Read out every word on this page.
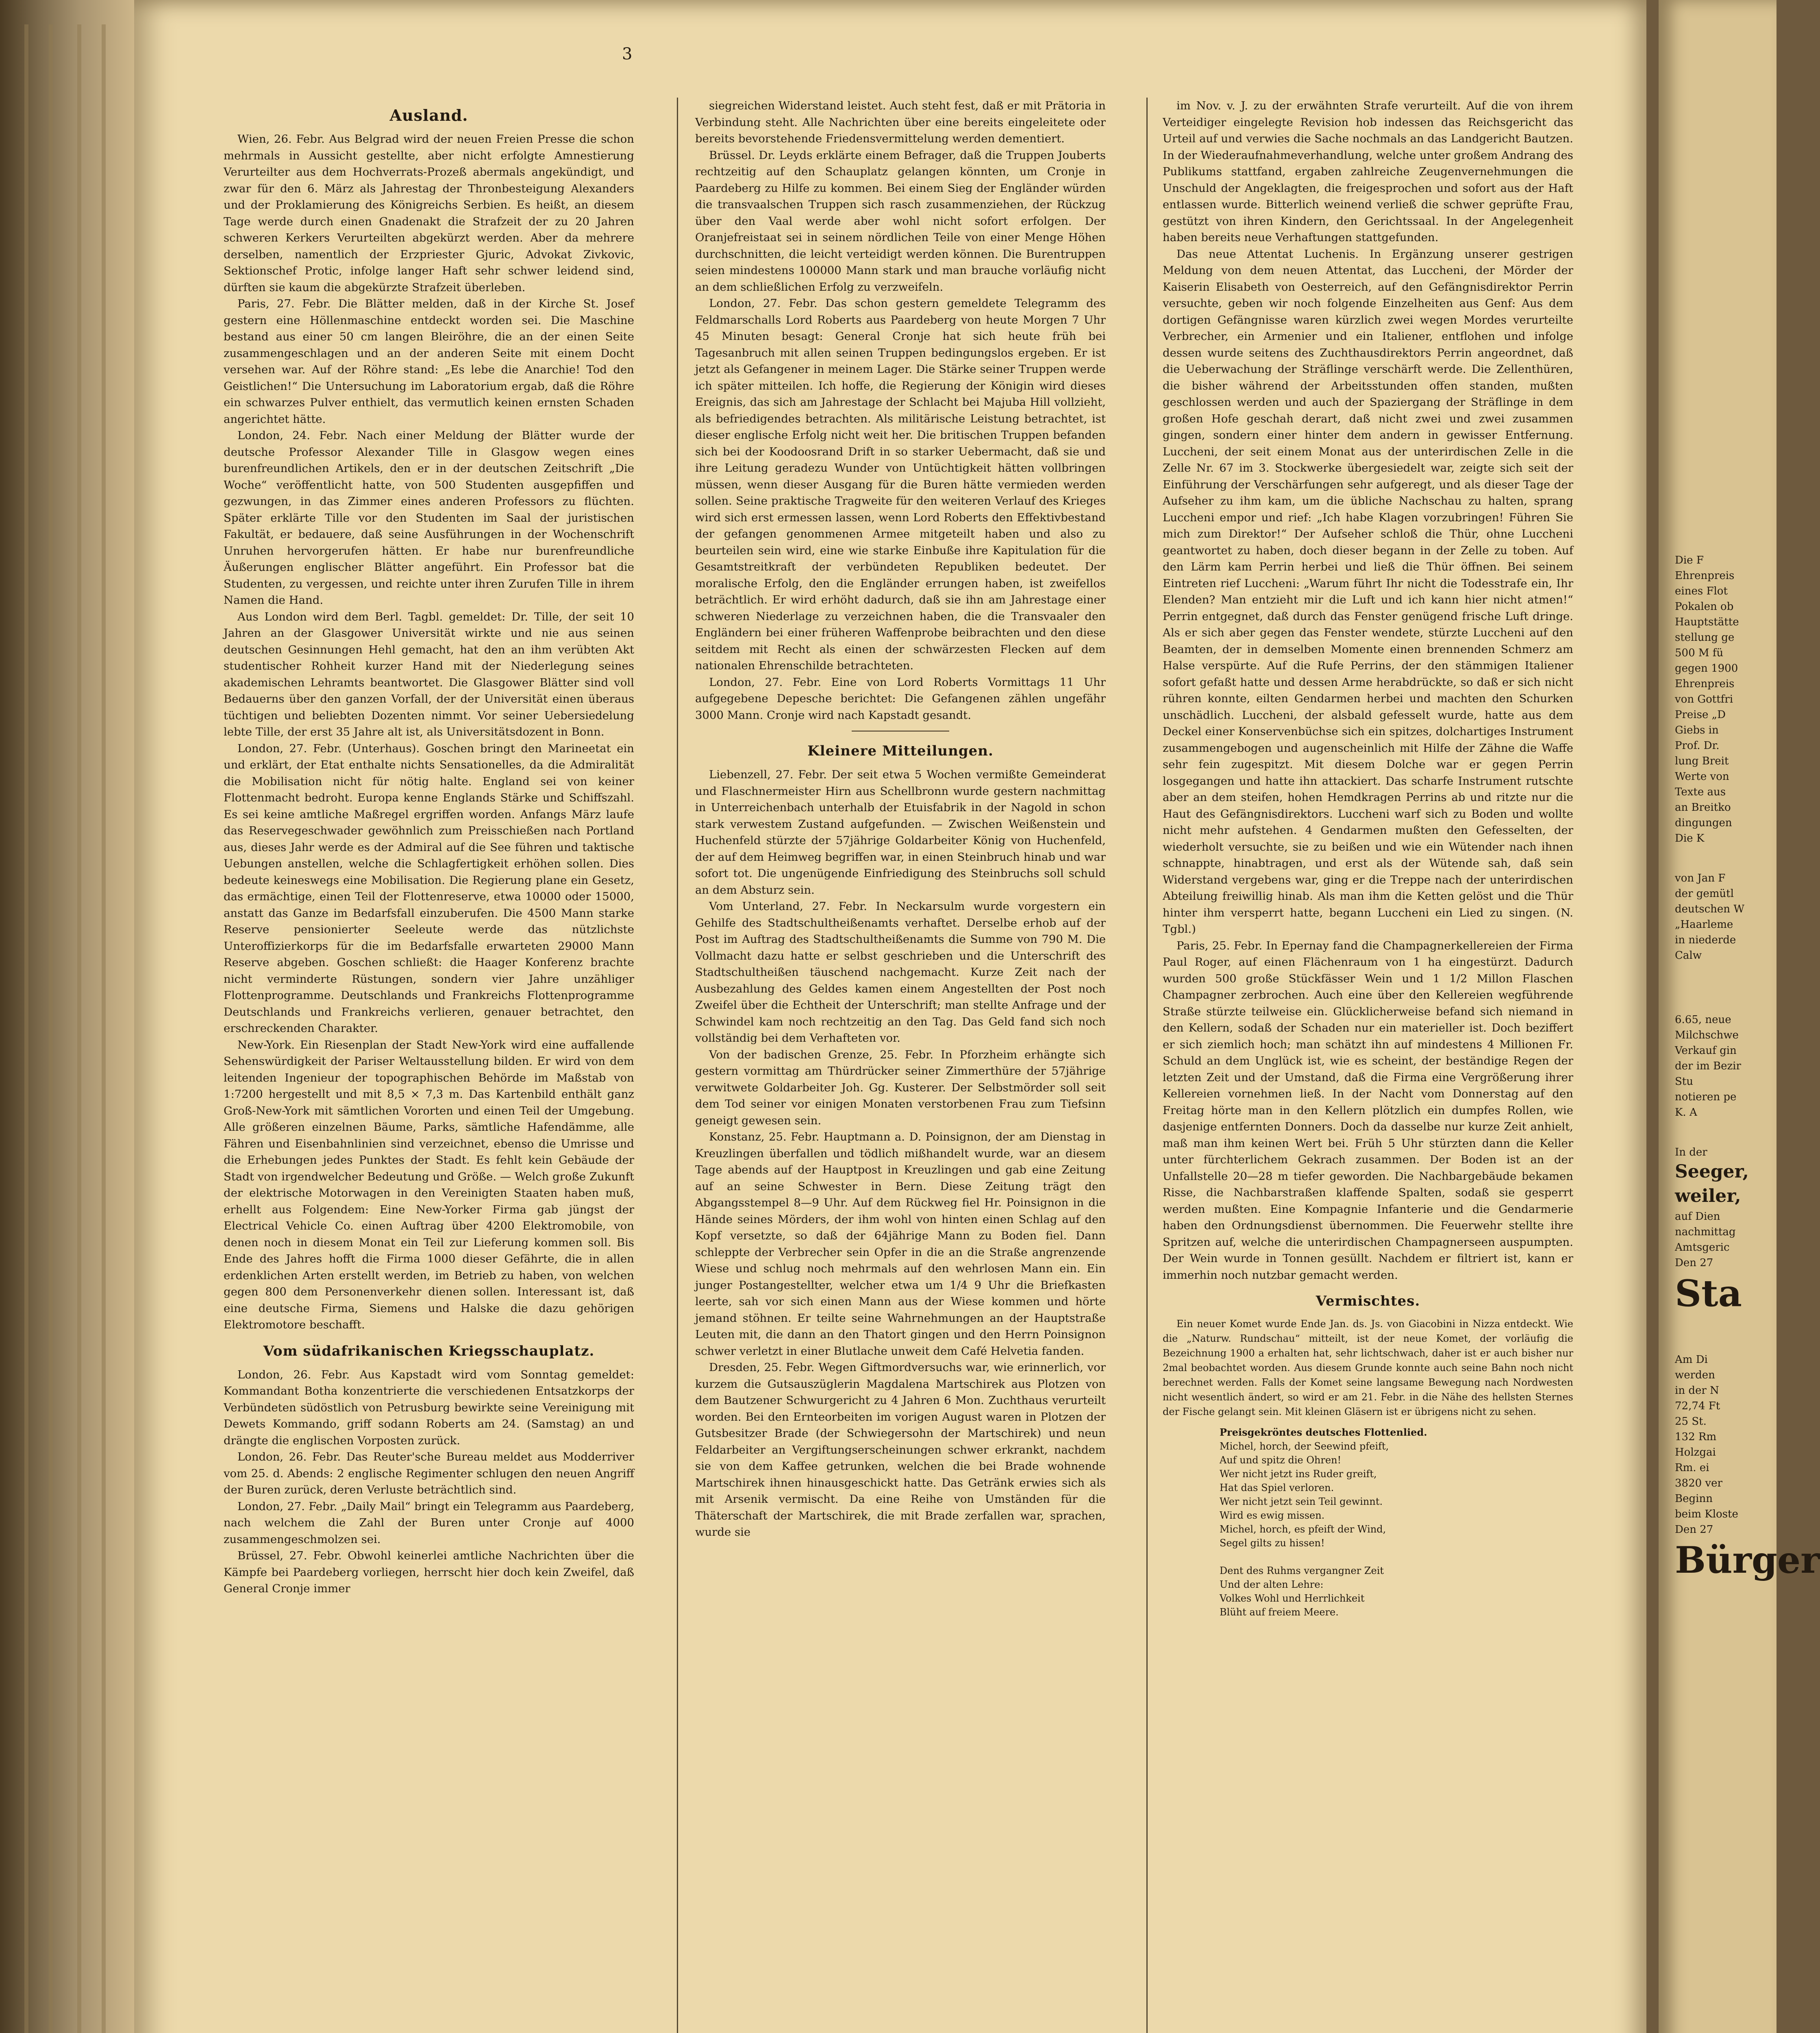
3
Ausland.

Wien, 26. Febr. Aus Belgrad wird der neuen Freien Presse die schon mehrmals in Aussicht gestellte, aber nicht erfolgte Amnestierung Verurteilter aus dem Hochverrats-Prozeß abermals angekündigt, und zwar für den 6. März als Jahrestag der Thronbesteigung Alexanders und der Proklamierung des Königreichs Serbien. Es heißt, an diesem Tage werde durch einen Gnadenakt die Strafzeit der zu 20 Jahren schweren Kerkers Verurteilten abgekürzt werden. Aber da mehrere derselben, namentlich der Erzpriester Gjuric, Advokat Zivkovic, Sektionschef Protic, infolge langer Haft sehr schwer leidend sind, dürften sie kaum die abgekürzte Strafzeit überleben.

Paris, 27. Febr. Die Blätter melden, daß in der Kirche St. Josef gestern eine Höllenmaschine entdeckt worden sei. Die Maschine bestand aus einer 50 cm langen Bleiröhre, die an der einen Seite zusammengeschlagen und an der anderen Seite mit einem Docht versehen war. Auf der Röhre stand: „Es lebe die Anarchie! Tod den Geistlichen!“ Die Untersuchung im Laboratorium ergab, daß die Röhre ein schwarzes Pulver enthielt, das vermutlich keinen ernsten Schaden angerichtet hätte.

London, 24. Febr. Nach einer Meldung der Blätter wurde der deutsche Professor Alexander Tille in Glasgow wegen eines burenfreundlichen Artikels, den er in der deutschen Zeitschrift „Die Woche“ veröffentlicht hatte, von 500 Studenten ausgepfiffen und gezwungen, in das Zimmer eines anderen Professors zu flüchten. Später erklärte Tille vor den Studenten im Saal der juristischen Fakultät, er bedauere, daß seine Ausführungen in der Wochenschrift Unruhen hervorgerufen hätten. Er habe nur burenfreundliche Äußerungen englischer Blätter angeführt. Ein Professor bat die Studenten, zu vergessen, und reichte unter ihren Zurufen Tille in ihrem Namen die Hand.

Aus London wird dem Berl. Tagbl. gemeldet: Dr. Tille, der seit 10 Jahren an der Glasgower Universität wirkte und nie aus seinen deutschen Gesinnungen Hehl gemacht, hat den an ihm verübten Akt studentischer Rohheit kurzer Hand mit der Niederlegung seines akademischen Lehramts beantwortet. Die Glasgower Blätter sind voll Bedauerns über den ganzen Vorfall, der der Universität einen überaus tüchtigen und beliebten Dozenten nimmt. Vor seiner Uebersiedelung lebte Tille, der erst 35 Jahre alt ist, als Universitätsdozent in Bonn.

London, 27. Febr. (Unterhaus). Goschen bringt den Marineetat ein und erklärt, der Etat enthalte nichts Sensationelles, da die Admiralität die Mobilisation nicht für nötig halte. England sei von keiner Flottenmacht bedroht. Europa kenne Englands Stärke und Schiffszahl. Es sei keine amtliche Maßregel ergriffen worden. Anfangs März laufe das Reservegeschwader gewöhnlich zum Preisschießen nach Portland aus, dieses Jahr werde es der Admiral auf die See führen und taktische Uebungen anstellen, welche die Schlagfertigkeit erhöhen sollen. Dies bedeute keineswegs eine Mobilisation. Die Regierung plane ein Gesetz, das ermächtige, einen Teil der Flottenreserve, etwa 10000 oder 15000, anstatt das Ganze im Bedarfsfall einzuberufen. Die 4500 Mann starke Reserve pensionierter Seeleute werde das nützlichste Unteroffizierkorps für die im Bedarfsfalle erwarteten 29000 Mann Reserve abgeben. Goschen schließt: die Haager Konferenz brachte nicht verminderte Rüstungen, sondern vier Jahre unzähliger Flottenprogramme. Deutschlands und Frankreichs Flottenprogramme Deutschlands und Frankreichs verlieren, genauer betrachtet, den erschreckenden Charakter.

New-York. Ein Riesenplan der Stadt New-York wird eine auffallende Sehenswürdigkeit der Pariser Weltausstellung bilden. Er wird von dem leitenden Ingenieur der topographischen Behörde im Maßstab von 1:7200 hergestellt und mit 8,5 × 7,3 m. Das Kartenbild enthält ganz Groß-New-York mit sämtlichen Vororten und einen Teil der Umgebung. Alle größeren einzelnen Bäume, Parks, sämtliche Hafendämme, alle Fähren und Eisenbahnlinien sind verzeichnet, ebenso die Umrisse und die Erhebungen jedes Punktes der Stadt. Es fehlt kein Gebäude der Stadt von irgendwelcher Bedeutung und Größe. — Welch große Zukunft der elektrische Motorwagen in den Vereinigten Staaten haben muß, erhellt aus Folgendem: Eine New-Yorker Firma gab jüngst der Electrical Vehicle Co. einen Auftrag über 4200 Elektromobile, von denen noch in diesem Monat ein Teil zur Lieferung kommen soll. Bis Ende des Jahres hofft die Firma 1000 dieser Gefährte, die in allen erdenklichen Arten erstellt werden, im Betrieb zu haben, von welchen gegen 800 dem Personenverkehr dienen sollen. Interessant ist, daß eine deutsche Firma, Siemens und Halske die dazu gehörigen Elektromotore beschafft.

Vom südafrikanischen Kriegsschauplatz.

London, 26. Febr. Aus Kapstadt wird vom Sonntag gemeldet: Kommandant Botha konzentrierte die verschiedenen Entsatzkorps der Verbündeten südöstlich von Petrusburg bewirkte seine Vereinigung mit Dewets Kommando, griff sodann Roberts am 24. (Samstag) an und drängte die englischen Vorposten zurück.

London, 26. Febr. Das Reuter'sche Bureau meldet aus Modderriver vom 25. d. Abends: 2 englische Regimenter schlugen den neuen Angriff der Buren zurück, deren Verluste beträchtlich sind.

London, 27. Febr. „Daily Mail“ bringt ein Telegramm aus Paardeberg, nach welchem die Zahl der Buren unter Cronje auf 4000 zusammengeschmolzen sei.

Brüssel, 27. Febr. Obwohl keinerlei amtliche Nachrichten über die Kämpfe bei Paardeberg vorliegen, herrscht hier doch kein Zweifel, daß General Cronje immer

siegreichen Widerstand leistet. Auch steht fest, daß er mit Prätoria in Verbindung steht. Alle Nachrichten über eine bereits eingeleitete oder bereits bevorstehende Friedensvermittelung werden dementiert.

Brüssel. Dr. Leyds erklärte einem Befrager, daß die Truppen Jouberts rechtzeitig auf den Schauplatz gelangen könnten, um Cronje in Paardeberg zu Hilfe zu kommen. Bei einem Sieg der Engländer würden die transvaalschen Truppen sich rasch zusammenziehen, der Rückzug über den Vaal werde aber wohl nicht sofort erfolgen. Der Oranjefreistaat sei in seinem nördlichen Teile von einer Menge Höhen durchschnitten, die leicht verteidigt werden können. Die Burentruppen seien mindestens 100000 Mann stark und man brauche vorläufig nicht an dem schließlichen Erfolg zu verzweifeln.

London, 27. Febr. Das schon gestern gemeldete Telegramm des Feldmarschalls Lord Roberts aus Paardeberg von heute Morgen 7 Uhr 45 Minuten besagt: General Cronje hat sich heute früh bei Tagesanbruch mit allen seinen Truppen bedingungslos ergeben. Er ist jetzt als Gefangener in meinem Lager. Die Stärke seiner Truppen werde ich später mitteilen. Ich hoffe, die Regierung der Königin wird dieses Ereignis, das sich am Jahrestage der Schlacht bei Majuba Hill vollzieht, als befriedigendes betrachten. Als militärische Leistung betrachtet, ist dieser englische Erfolg nicht weit her. Die britischen Truppen befanden sich bei der Koodoosrand Drift in so starker Uebermacht, daß sie und ihre Leitung geradezu Wunder von Untüchtigkeit hätten vollbringen müssen, wenn dieser Ausgang für die Buren hätte vermieden werden sollen. Seine praktische Tragweite für den weiteren Verlauf des Krieges wird sich erst ermessen lassen, wenn Lord Roberts den Effektivbestand der gefangen genommenen Armee mitgeteilt haben und also zu beurteilen sein wird, eine wie starke Einbuße ihre Kapitulation für die Gesamtstreitkraft der verbündeten Republiken bedeutet. Der moralische Erfolg, den die Engländer errungen haben, ist zweifellos beträchtlich. Er wird erhöht dadurch, daß sie ihn am Jahrestage einer schweren Niederlage zu verzeichnen haben, die die Transvaaler den Engländern bei einer früheren Waffenprobe beibrachten und den diese seitdem mit Recht als einen der schwärzesten Flecken auf dem nationalen Ehrenschilde betrachteten.

London, 27. Febr. Eine von Lord Roberts Vormittags 11 Uhr aufgegebene Depesche berichtet: Die Gefangenen zählen ungefähr 3000 Mann. Cronje wird nach Kapstadt gesandt.

Kleinere Mitteilungen.

Liebenzell, 27. Febr. Der seit etwa 5 Wochen vermißte Gemeinderat und Flaschnermeister Hirn aus Schellbronn wurde gestern nachmittag in Unterreichenbach unterhalb der Etuisfabrik in der Nagold in schon stark verwestem Zustand aufgefunden. — Zwischen Weißenstein und Huchenfeld stürzte der 57jährige Goldarbeiter König von Huchenfeld, der auf dem Heimweg begriffen war, in einen Steinbruch hinab und war sofort tot. Die ungenügende Einfriedigung des Steinbruchs soll schuld an dem Absturz sein.

Vom Unterland, 27. Febr. In Neckarsulm wurde vorgestern ein Gehilfe des Stadtschultheißenamts verhaftet. Derselbe erhob auf der Post im Auftrag des Stadtschultheißenamts die Summe von 790 M. Die Vollmacht dazu hatte er selbst geschrieben und die Unterschrift des Stadtschultheißen täuschend nachgemacht. Kurze Zeit nach der Ausbezahlung des Geldes kamen einem Angestellten der Post noch Zweifel über die Echtheit der Unterschrift; man stellte Anfrage und der Schwindel kam noch rechtzeitig an den Tag. Das Geld fand sich noch vollständig bei dem Verhafteten vor.

Von der badischen Grenze, 25. Febr. In Pforzheim erhängte sich gestern vormittag am Thürdrücker seiner Zimmerthüre der 57jährige verwitwete Goldarbeiter Joh. Gg. Kusterer. Der Selbstmörder soll seit dem Tod seiner vor einigen Monaten verstorbenen Frau zum Tiefsinn geneigt gewesen sein.

Konstanz, 25. Febr. Hauptmann a. D. Poinsignon, der am Dienstag in Kreuzlingen überfallen und tödlich mißhandelt wurde, war an diesem Tage abends auf der Hauptpost in Kreuzlingen und gab eine Zeitung auf an seine Schwester in Bern. Diese Zeitung trägt den Abgangsstempel 8—9 Uhr. Auf dem Rückweg fiel Hr. Poinsignon in die Hände seines Mörders, der ihm wohl von hinten einen Schlag auf den Kopf versetzte, so daß der 64jährige Mann zu Boden fiel. Dann schleppte der Verbrecher sein Opfer in die an die Straße angrenzende Wiese und schlug noch mehrmals auf den wehrlosen Mann ein. Ein junger Postangestellter, welcher etwa um 1/4 9 Uhr die Briefkasten leerte, sah vor sich einen Mann aus der Wiese kommen und hörte jemand stöhnen. Er teilte seine Wahrnehmungen an der Hauptstraße Leuten mit, die dann an den Thatort gingen und den Herrn Poinsignon schwer verletzt in einer Blutlache unweit dem Café Helvetia fanden.

Dresden, 25. Febr. Wegen Giftmordversuchs war, wie erinnerlich, vor kurzem die Gutsauszüglerin Magdalena Martschirek aus Plotzen von dem Bautzener Schwurgericht zu 4 Jahren 6 Mon. Zuchthaus verurteilt worden. Bei den Ernteorbeiten im vorigen August waren in Plotzen der Gutsbesitzer Brade (der Schwiegersohn der Martschirek) und neun Feldarbeiter an Vergiftungserscheinungen schwer erkrankt, nachdem sie von dem Kaffee getrunken, welchen die bei Brade wohnende Martschirek ihnen hinausgeschickt hatte. Das Getränk erwies sich als mit Arsenik vermischt. Da eine Reihe von Umständen für die Thäterschaft der Martschirek, die mit Brade zerfallen war, sprachen, wurde sie

im Nov. v. J. zu der erwähnten Strafe verurteilt. Auf die von ihrem Verteidiger eingelegte Revision hob indessen das Reichsgericht das Urteil auf und verwies die Sache nochmals an das Landgericht Bautzen. In der Wiederaufnahmeverhandlung, welche unter großem Andrang des Publikums stattfand, ergaben zahlreiche Zeugenvernehmungen die Unschuld der Angeklagten, die freigesprochen und sofort aus der Haft entlassen wurde. Bitterlich weinend verließ die schwer geprüfte Frau, gestützt von ihren Kindern, den Gerichtssaal. In der Angelegenheit haben bereits neue Verhaftungen stattgefunden.

Das neue Attentat Luchenis. In Ergänzung unserer gestrigen Meldung von dem neuen Attentat, das Luccheni, der Mörder der Kaiserin Elisabeth von Oesterreich, auf den Gefängnisdirektor Perrin versuchte, geben wir noch folgende Einzelheiten aus Genf: Aus dem dortigen Gefängnisse waren kürzlich zwei wegen Mordes verurteilte Verbrecher, ein Armenier und ein Italiener, entflohen und infolge dessen wurde seitens des Zuchthausdirektors Perrin angeordnet, daß die Ueberwachung der Sträflinge verschärft werde. Die Zellenthüren, die bisher während der Arbeitsstunden offen standen, mußten geschlossen werden und auch der Spaziergang der Sträflinge in dem großen Hofe geschah derart, daß nicht zwei und zwei zusammen gingen, sondern einer hinter dem andern in gewisser Entfernung. Luccheni, der seit einem Monat aus der unterirdischen Zelle in die Zelle Nr. 67 im 3. Stockwerke übergesiedelt war, zeigte sich seit der Einführung der Verschärfungen sehr aufgeregt, und als dieser Tage der Aufseher zu ihm kam, um die übliche Nachschau zu halten, sprang Luccheni empor und rief: „Ich habe Klagen vorzubringen! Führen Sie mich zum Direktor!“ Der Aufseher schloß die Thür, ohne Luccheni geantwortet zu haben, doch dieser begann in der Zelle zu toben. Auf den Lärm kam Perrin herbei und ließ die Thür öffnen. Bei seinem Eintreten rief Luccheni: „Warum führt Ihr nicht die Todesstrafe ein, Ihr Elenden? Man entzieht mir die Luft und ich kann hier nicht atmen!“ Perrin entgegnet, daß durch das Fenster genügend frische Luft dringe. Als er sich aber gegen das Fenster wendete, stürzte Luccheni auf den Beamten, der in demselben Momente einen brennenden Schmerz am Halse verspürte. Auf die Rufe Perrins, der den stämmigen Italiener sofort gefaßt hatte und dessen Arme herabdrückte, so daß er sich nicht rühren konnte, eilten Gendarmen herbei und machten den Schurken unschädlich. Luccheni, der alsbald gefesselt wurde, hatte aus dem Deckel einer Konservenbüchse sich ein spitzes, dolchartiges Instrument zusammengebogen und augenscheinlich mit Hilfe der Zähne die Waffe sehr fein zugespitzt. Mit diesem Dolche war er gegen Perrin losgegangen und hatte ihn attackiert. Das scharfe Instrument rutschte aber an dem steifen, hohen Hemdkragen Perrins ab und ritzte nur die Haut des Gefängnisdirektors. Luccheni warf sich zu Boden und wollte nicht mehr aufstehen. 4 Gendarmen mußten den Gefesselten, der wiederholt versuchte, sie zu beißen und wie ein Wütender nach ihnen schnappte, hinabtragen, und erst als der Wütende sah, daß sein Widerstand vergebens war, ging er die Treppe nach der unterirdischen Abteilung freiwillig hinab. Als man ihm die Ketten gelöst und die Thür hinter ihm versperrt hatte, begann Luccheni ein Lied zu singen. (N. Tgbl.)

Paris, 25. Febr. In Epernay fand die Champagnerkellereien der Firma Paul Roger, auf einen Flächenraum von 1 ha eingestürzt. Dadurch wurden 500 große Stückfässer Wein und 1 1/2 Millon Flaschen Champagner zerbrochen. Auch eine über den Kellereien wegführende Straße stürzte teilweise ein. Glücklicherweise befand sich niemand in den Kellern, sodaß der Schaden nur ein materieller ist. Doch beziffert er sich ziemlich hoch; man schätzt ihn auf mindestens 4 Millionen Fr. Schuld an dem Unglück ist, wie es scheint, der beständige Regen der letzten Zeit und der Umstand, daß die Firma eine Vergrößerung ihrer Kellereien vornehmen ließ. In der Nacht vom Donnerstag auf den Freitag hörte man in den Kellern plötzlich ein dumpfes Rollen, wie dasjenige entfernten Donners. Doch da dasselbe nur kurze Zeit anhielt, maß man ihm keinen Wert bei. Früh 5 Uhr stürzten dann die Keller unter fürchterlichem Gekrach zusammen. Der Boden ist an der Unfallstelle 20—28 m tiefer geworden. Die Nachbargebäude bekamen Risse, die Nachbarstraßen klaffende Spalten, sodaß sie gesperrt werden mußten. Eine Kompagnie Infanterie und die Gendarmerie haben den Ordnungsdienst übernommen. Die Feuerwehr stellte ihre Spritzen auf, welche die unterirdischen Champagnerseen auspumpten. Der Wein wurde in Tonnen gesüllt. Nachdem er filtriert ist, kann er immerhin noch nutzbar gemacht werden.

Vermischtes.

Ein neuer Komet wurde Ende Jan. ds. Js. von Giacobini in Nizza entdeckt. Wie die „Naturw. Rundschau“ mitteilt, ist der neue Komet, der vorläufig die Bezeichnung 1900 a erhalten hat, sehr lichtschwach, daher ist er auch bisher nur 2mal beobachtet worden. Aus diesem Grunde konnte auch seine Bahn noch nicht berechnet werden. Falls der Komet seine langsame Bewegung nach Nordwesten nicht wesentlich ändert, so wird er am 21. Febr. in die Nähe des hellsten Sternes der Fische gelangt sein. Mit kleinen Gläsern ist er übrigens nicht zu sehen.

Preisgekröntes deutsches Flottenlied.
Michel, horch, der Seewind pfeift,
Auf und spitz die Ohren!
Wer nicht jetzt ins Ruder greift,
Hat das Spiel verloren.
Wer nicht jetzt sein Teil gewinnt.
Wird es ewig missen.
Michel, horch, es pfeift der Wind,
Segel gilts zu hissen!

Dent des Ruhms vergangner Zeit
Und der alten Lehre:
Volkes Wohl und Herrlichkeit
Blüht auf freiem Meere.
Die F
Ehrenpreis
eines Flot
Pokalen ob
Hauptstätte
stellung ge
500 M fü
gegen 1900
Ehrenpreis
von Gottfri
Preise „D
Giebs in
Prof. Dr.
lung Breit
Werte von
Texte aus
an Breitko
dingungen
Die K
von Jan F
der gemütl
deutschen W
„Haarleme
in niederde
Calw
6.65, neue
Milchschwe
Verkauf gin
der im Bezir
Stu
notieren pe
K. A
In der
Seeger,
weiler,
auf Dien
nachmittag
Amtsgeric
Den 27
Sta
Am Di
werden
in der N
72,74 Ft
25 St.
132 Rm
Holzgai
Rm. ei
3820 ver
Beginn
beim Kloste
Den 27
Bürger
